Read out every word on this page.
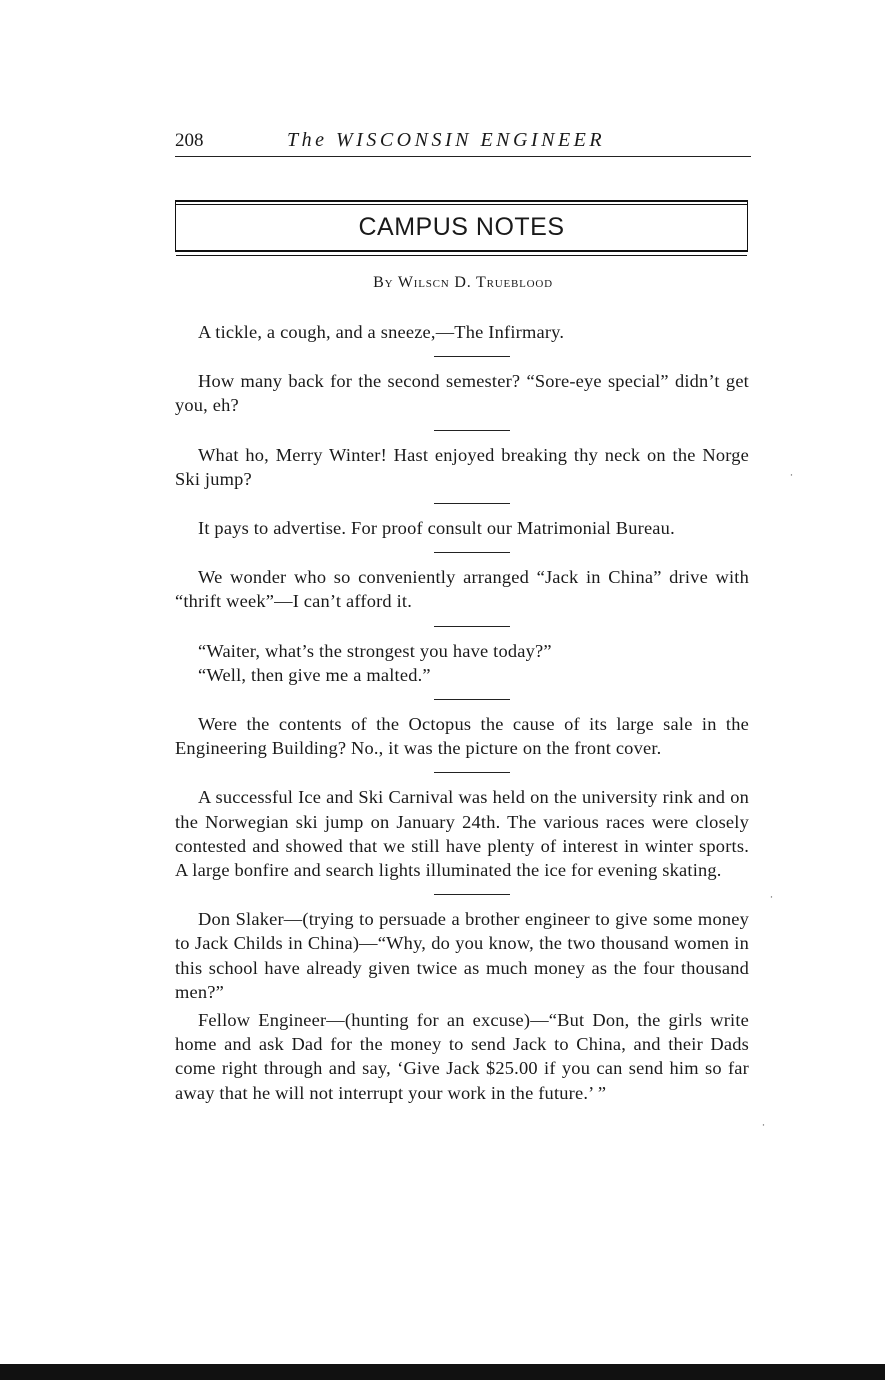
208	The WISCONSIN ENGINEER
CAMPUS NOTES
By Wilscn D. Trueblood

A tickle, a cough, and a sneeze,—The Infirmary.

How many back for the second semester? “Sore-eye special” didn’t get you, eh?

What ho, Merry Winter! Hast enjoyed breaking thy neck on the Norge Ski jump?

It pays to advertise. For proof consult our Matrimonial Bureau.

We wonder who so conveniently arranged “Jack in China” drive with “thrift week”—I can’t afford it.

“Waiter, what’s the strongest you have today?”

“Well, then give me a malted.”

Were the contents of the Octopus the cause of its large sale in the Engineering Building? No., it was the picture on the front cover.

A successful Ice and Ski Carnival was held on the university rink and on the Norwegian ski jump on January 24th. The various races were closely contested and showed that we still have plenty of interest in winter sports. A large bonfire and search lights illuminated the ice for evening skating.

Don Slaker—(trying to persuade a brother engineer to give some money to Jack Childs in China)—“Why, do you know, the two thousand women in this school have already given twice as much money as the four thousand men?”

Fellow Engineer—(hunting for an excuse)—“But Don, the girls write home and ask Dad for the money to send Jack to China, and their Dads come right through and say, ‘Give Jack $25.00 if you can send him so far away that he will not interrupt your work in the future.’ ”

⸱
⸱
⸱
